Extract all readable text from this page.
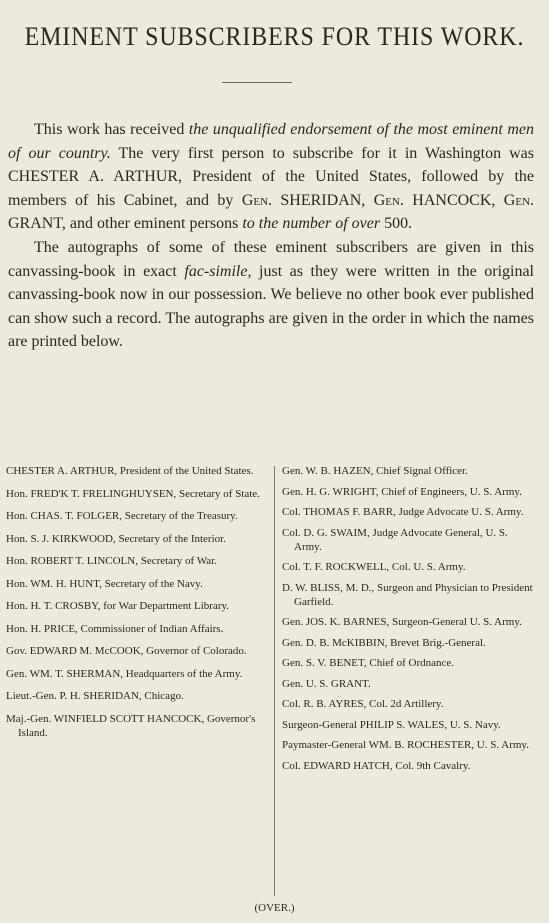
EMINENT SUBSCRIBERS FOR THIS WORK.

This work has received the unqualified endorsement of the most eminent men of our country. The very first person to subscribe for it in Washington was CHESTER A. ARTHUR, President of the United States, followed by the members of his Cabinet, and by Gen. SHERIDAN, Gen. HANCOCK, Gen. GRANT, and other eminent persons to the number of over 500.

The autographs of some of these eminent subscribers are given in this canvassing-book in exact fac-simile, just as they were written in the original canvassing-book now in our possession. We believe no other book ever published can show such a record. The autographs are given in the order in which the names are printed below.

CHESTER A. ARTHUR, President of the United States.
Hon. FRED'K T. FRELINGHUYSEN, Secretary of State.
Hon. CHAS. T. FOLGER, Secretary of the Treasury.
Hon. S. J. KIRKWOOD, Secretary of the Interior.
Hon. ROBERT T. LINCOLN, Secretary of War.
Hon. WM. H. HUNT, Secretary of the Navy.
Hon. H. T. CROSBY, for War Department Library.
Hon. H. PRICE, Commissioner of Indian Affairs.
Gov. EDWARD M. McCOOK, Governor of Colorado.
Gen. WM. T. SHERMAN, Headquarters of the Army.
Lieut.-Gen. P. H. SHERIDAN, Chicago.
Maj.-Gen. WINFIELD SCOTT HANCOCK, Governor's Island.
Gen. W. B. HAZEN, Chief Signal Officer.
Gen. H. G. WRIGHT, Chief of Engineers, U. S. Army.
Col. THOMAS F. BARR, Judge Advocate U. S. Army.
Col. D. G. SWAIM, Judge Advocate General, U. S. Army.
Col. T. F. ROCKWELL, Col. U. S. Army.
D. W. BLISS, M. D., Surgeon and Physician to President Garfield.
Gen. JOS. K. BARNES, Surgeon-General U. S. Army.
Gen. D. B. McKIBBIN, Brevet Brig.-General.
Gen. S. V. BENET, Chief of Ordnance.
Gen. U. S. GRANT.
Col. R. B. AYRES, Col. 2d Artillery.
Surgeon-General PHILIP S. WALES, U. S. Navy.
Paymaster-General WM. B. ROCHESTER, U. S. Army.
Col. EDWARD HATCH, Col. 9th Cavalry.
(OVER.)
